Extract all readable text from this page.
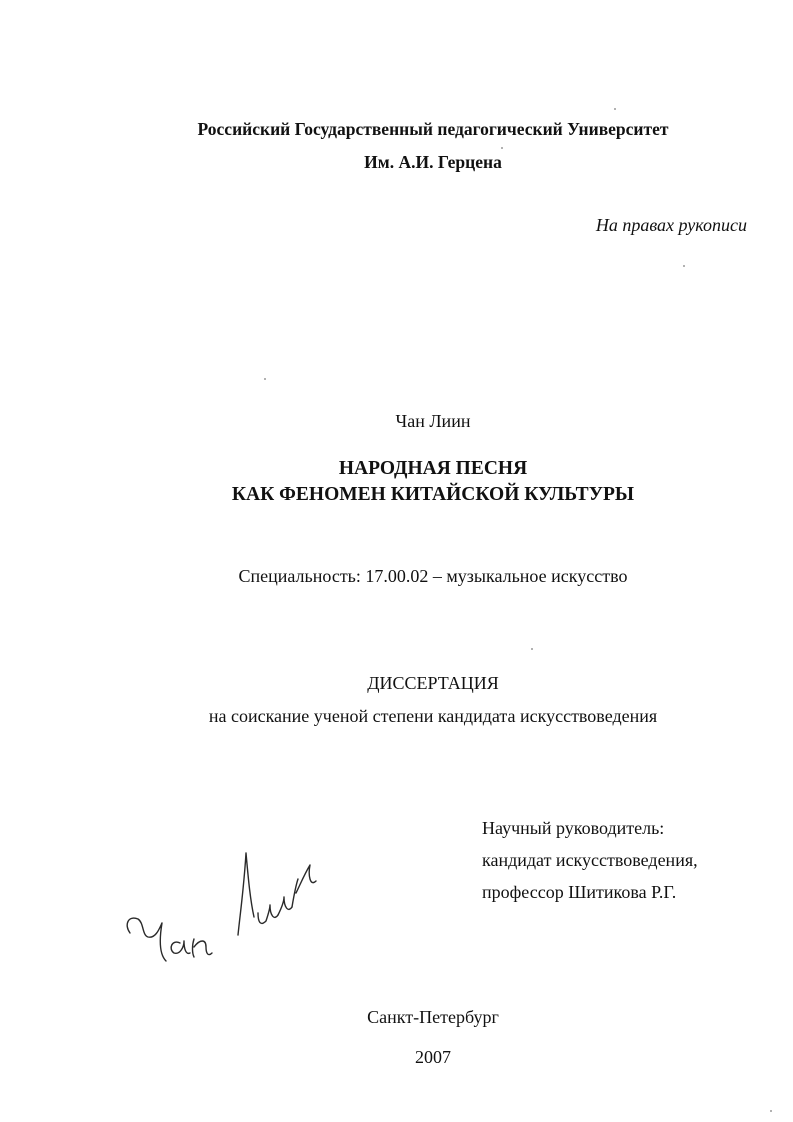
Российский Государственный педагогический Университет
Им. А.И. Герцена
На правах рукописи
Чан Лиин
НАРОДНАЯ ПЕСНЯ
КАК ФЕНОМЕН КИТАЙСКОЙ КУЛЬТУРЫ
Специальность: 17.00.02 – музыкальное искусство
ДИССЕРТАЦИЯ
на соискание ученой степени кандидата искусствоведения
Научный руководитель:
кандидат искусствоведения,
профессор Шитикова Р.Г.
Санкт-Петербург
2007
